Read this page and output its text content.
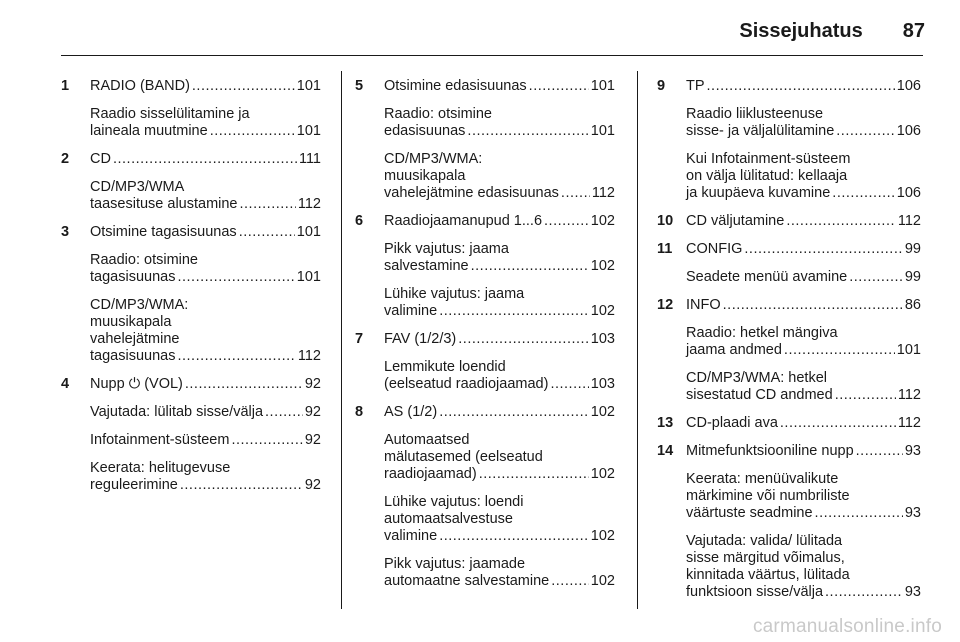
Sissejuhatus 87
1	RADIO (BAND) .....	101
Raadio sisselülitamine ja
laineala muutmine .....	101
2	CD .....	111
CD/MP3/WMA
taasesituse alustamine .....	112
3	Otsimine tagasisuunas .....	101
Raadio: otsimine
tagasisuunas .....	101
CD/MP3/WMA:
muusikapala
vahelejätmine
tagasisuunas .....	112
4	Nupp ⏻ (VOL) .....	92
Vajutada: lülitab sisse/välja .....	92
Infotainment-süsteem .....	92
Keerata: helitugevuse
reguleerimine .....	92
5	Otsimine edasisuunas .....	101
Raadio: otsimine
edasisuunas .....	101
CD/MP3/WMA:
muusikapala
vahelejätmine edasisuunas ..... 112
6	Raadiojaamanupud 1...6 .....	102
Pikk vajutus: jaama
salvestamine .....	102
Lühike vajutus: jaama
valimine .....	102
7	FAV (1/2/3) .....	103
Lemmikute loendid
(eelseatud raadiojaamad) .....	103
8	AS (1/2) .....	102
Automaatsed
mälutasemed (eelseatud
raadiojaamad) .....	102
Lühike vajutus: loendi
automaatsalvestuse
valimine .....	102
Pikk vajutus: jaamade
automaatne salvestamine .....	102
9	TP .....	106
Raadio liiklusteenuse
sisse- ja väljalülitamine .....	106
Kui Infotainment-süsteem
on välja lülitatud: kellaaja
ja kuupäeva kuvamine .....	106
10 CD väljutamine .....	112
11 CONFIG .....	99
Seadete menüü avamine .....	99
12 INFO .....	86
Raadio: hetkel mängiva
jaama andmed .....	101
CD/MP3/WMA: hetkel
sisestatud CD andmed .....	112
13 CD-plaadi ava .....	112
14 Mitmefunktsiooniline nupp .....	93
Keerata: menüüvalikute
märkimine või numbriliste
väärtuste seadmine .....	93
Vajutada: valida/ lülitada
sisse märgitud võimalus,
kinnitada väärtus, lülitada
funktsioon sisse/välja .....	93
carmanualsonline.info
